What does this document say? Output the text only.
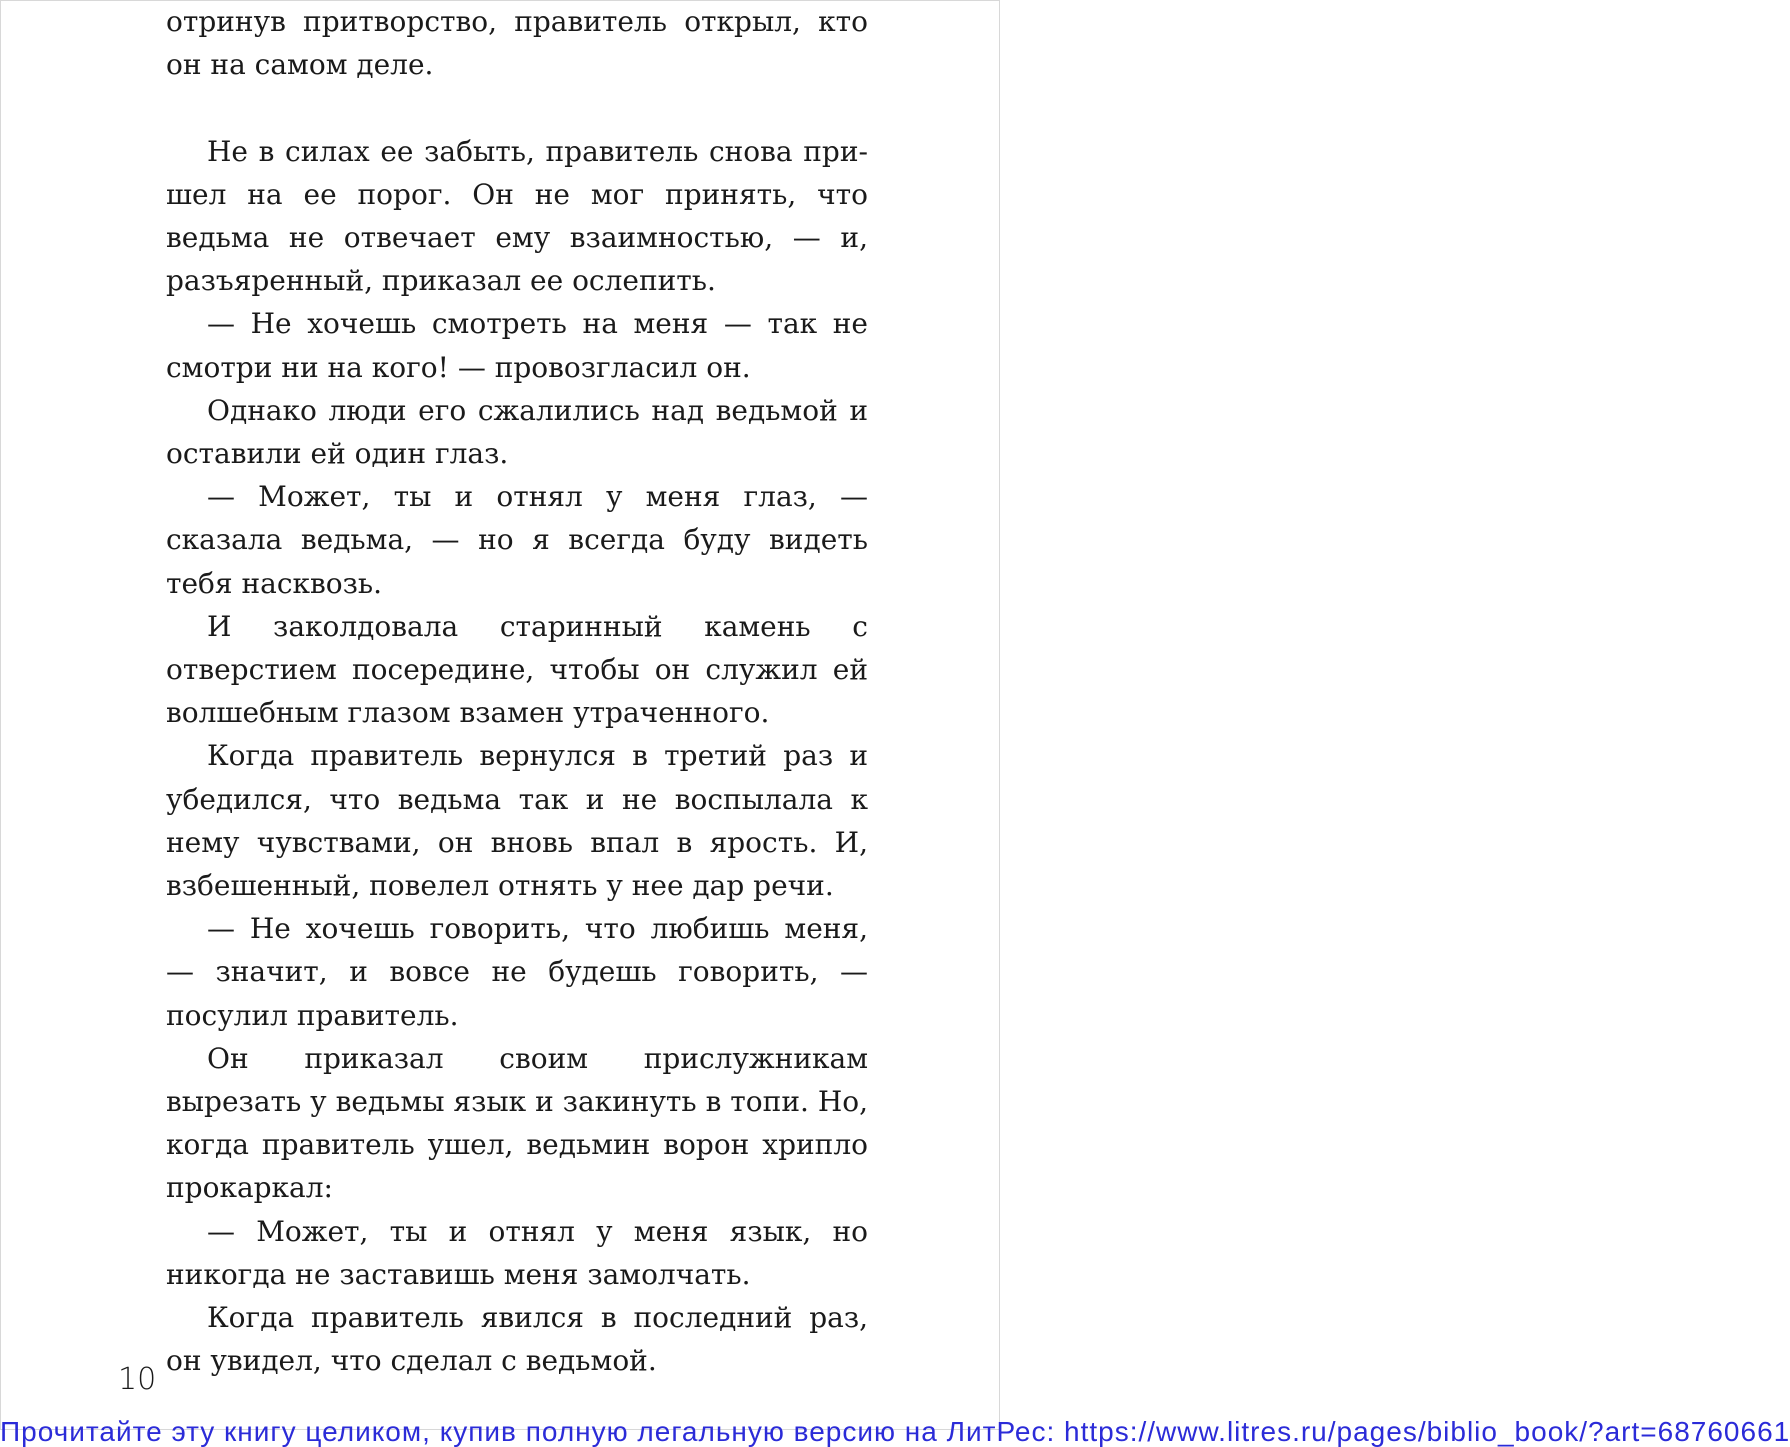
отринув притворство, правитель открыл, кто он на самом деле.

Не в силах ее забыть, правитель снова пришел на ее порог. Он не мог принять, что ведьма не отвечает ему взаимностью, — и, разъяренный, приказал ее ослепить.

— Не хочешь смотреть на меня — так не смотри ни на кого! — провозгласил он.

Однако люди его сжалились над ведьмой и оставили ей один глаз.

— Может, ты и отнял у меня глаз, — сказала ведьма, — но я всегда буду видеть тебя насквозь.

И заколдовала старинный камень с отверстием посередине, чтобы он служил ей волшебным глазом взамен утраченного.

Когда правитель вернулся в третий раз и убедился, что ведьма так и не воспылала к нему чувствами, он вновь впал в ярость. И, взбешенный, повелел отнять у нее дар речи.

— Не хочешь говорить, что любишь меня, — значит, и вовсе не будешь говорить, — посулил правитель.

Он приказал своим прислужникам вырезать у ведьмы язык и закинуть в топи. Но, когда правитель ушел, ведьмин ворон хрипло прокаркал:

— Может, ты и отнял у меня язык, но никогда не заставишь меня замолчать.

Когда правитель явился в последний раз, он увидел, что сделал с ведьмой.

10
Прочитайте эту книгу целиком, купив полную легальную версию на ЛитРес: https://www.litres.ru/pages/biblio_book/?art=68760661
